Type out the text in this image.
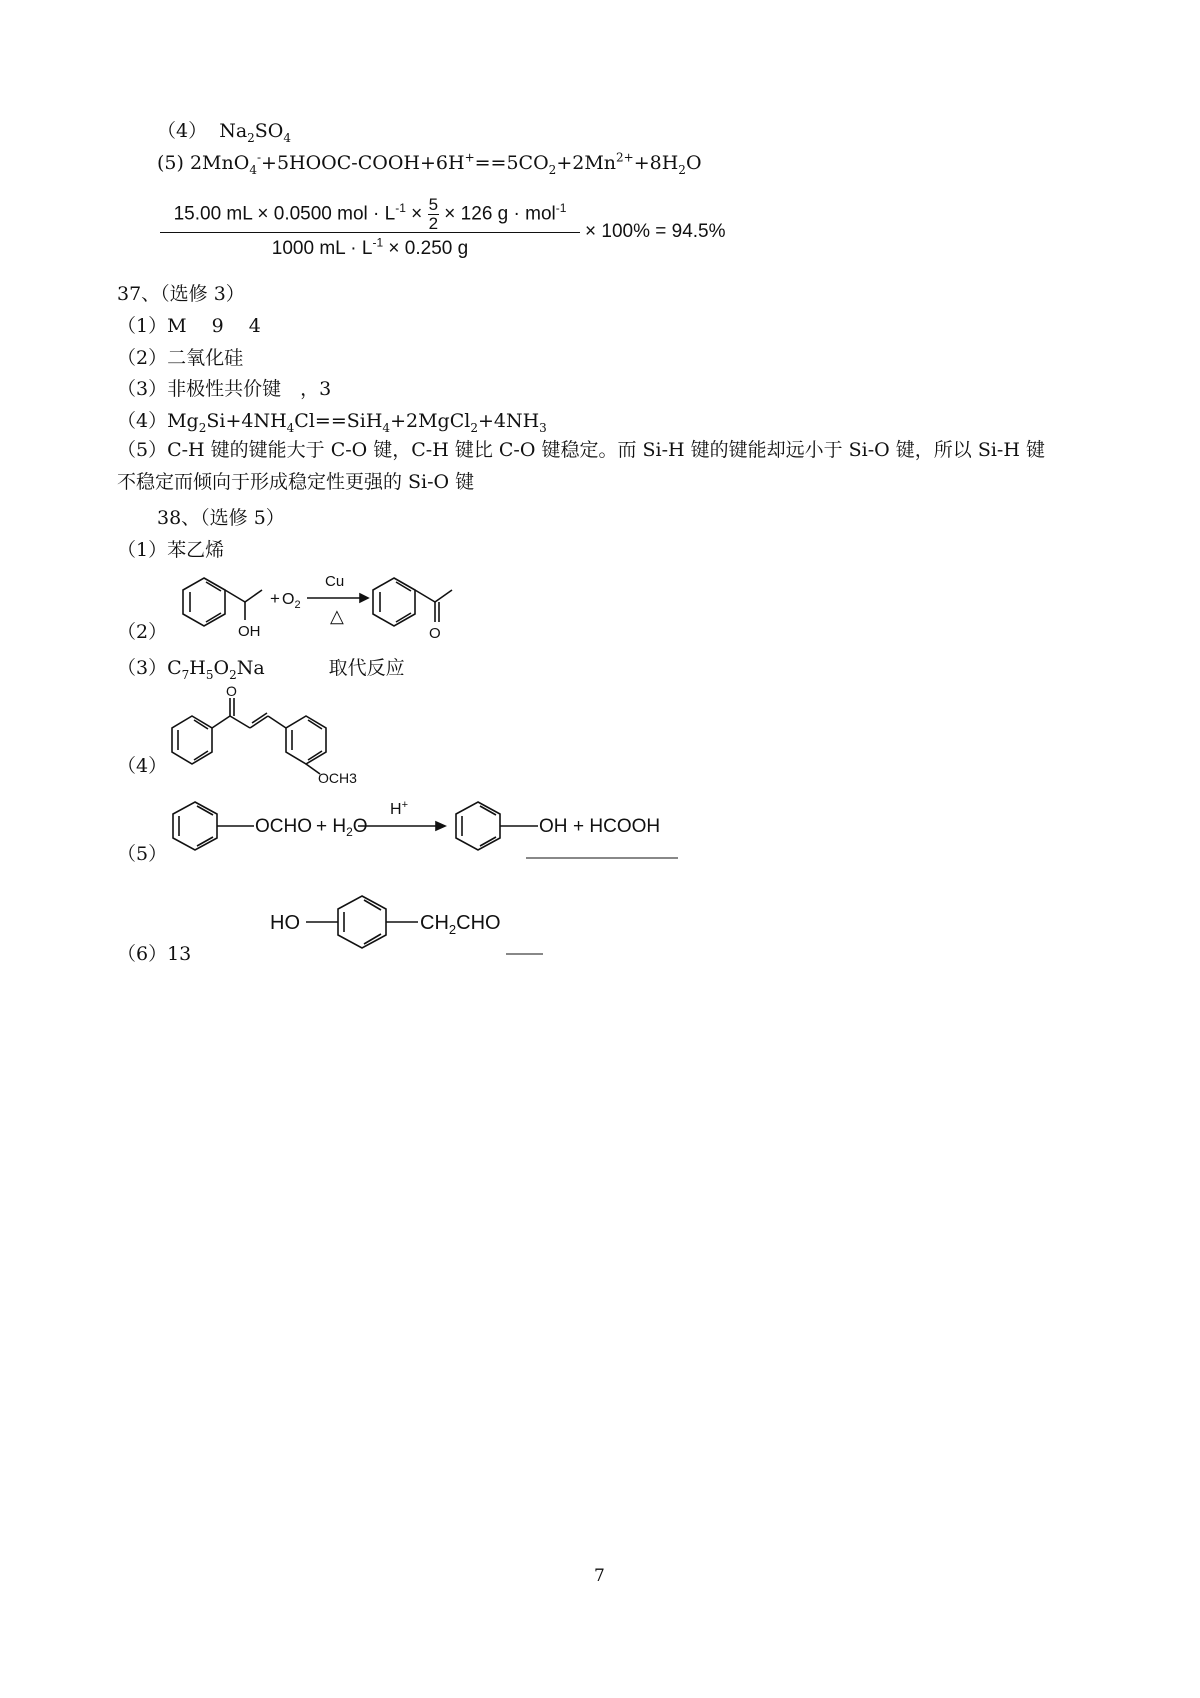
（4） $Na_2SO_4$
(5) $2MnO_4^-+5HOOC-COOH+6H^+==5CO_2+2Mn^{2+}+8H_2O$
15.00 mL × 0.0500 mol · $L^{-1} \times \frac{5}{2} \times 126$ g · mol$^{-1}$
1000 mL · $L^{-1} \times 0.250$ g
× 100% = 94.5%
37、（选修 3）
（1）M　 9　 4
（2）二氧化硅
（3）非极性共价键　，3
$(4)Mg_2Si+4NH_4Cl==SiH_4+2MgCl_2+4NH_3$
（5）C-H 键的键能大于 C-O 键，C-H 键比 C-O 键稳定。而 Si-H 键的键能却远小于 Si-O 键，所以 Si-H 键
不稳定而倾向于形成稳定性更强的 Si-O 键
38、（选修 5）
（1）苯乙烯
（2）
+ $O_2$
Cu
△
OH	O
$(3)C_7H_5O_2Na$	取代反应
（4）
O
OCH3
（5）
OCHO + $H_2O$
H+
OH + HCOOH
（6）13
HO	$CH_2CHO$
7
